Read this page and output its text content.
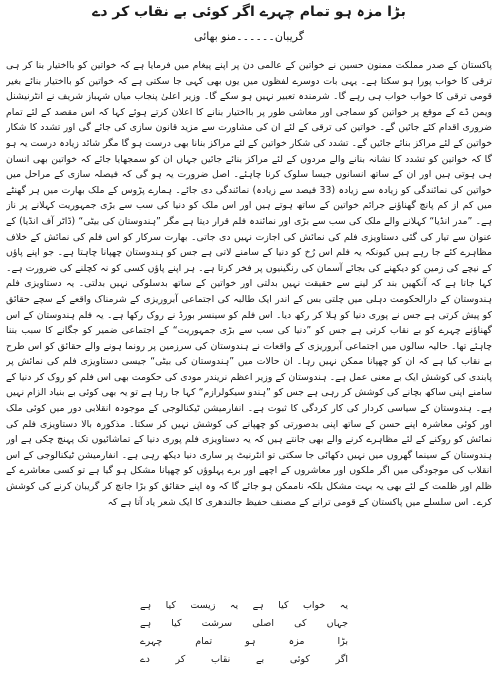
بڑا مزہ ہو تمام چہرے اگر کوئی بے نقاب کر دے
گریبان۔۔۔۔۔۔منو بھائی

پاکستان کے صدر مملکت ممنون حسین نے خواتین کے عالمی دن پر اپنے پیغام میں فرمایا ہے کہ خواتین کو بااختیار بنا کر ہی ترقی کا خواب پورا ہو سکتا ہے۔ یہی بات دوسرے لفظوں میں یوں بھی کہی جا سکتی ہے کہ خواتین کو بااختیار بنائے بغیر قومی ترقی کا خواب خواب ہی رہے گا۔ شرمندہ تعبیر نہیں ہو سکے گا۔ وزیر اعلیٰ پنجاب میاں شہباز شریف نے انٹرنیشنل ویمن ڈے کے موقع پر خواتین کو سماجی اور معاشی طور پر بااختیار بنانے کا اعلان کرتے ہوئے کہا کہ اس مقصد کے لئے تمام ضروری اقدام کئے جائیں گے۔ خواتین کی ترقی کے لئے ان کی مشاورت سے مزید قانون سازی کی جائے گی اور تشدد کا شکار خواتین کے لئے مراکز بنائے جائیں گے۔ تشدد کی شکار خواتین کے لئے مراکز بنانا بھی درست ہو گا مگر شائد زیادہ درست یہ ہو گا کہ خواتین کو تشدد کا نشانہ بنانے والے مردوں کے لئے مراکز بنائے جائیں جہاں ان کو سمجھایا جائے کہ خواتین بھی انسان ہی ہوتی ہیں اور ان کے ساتھ انسانوں جیسا سلوک کرنا چاہئے۔ اصل ضرورت یہ ہو گی کہ فیصلہ سازی کے مراحل میں خواتین کی نمائندگی کو زیادہ سے زیادہ (33 فیصد سے زیادہ) نمائندگی دی جائے۔ ہمارے پڑوس کے ملک بھارت میں ہر گھنٹے میں کم از کم پانچ گھناؤنے جرائم خواتین کے ساتھ ہوتے ہیں اور اس ملک کو دنیا کی سب سے بڑی جمہوریت کہلانے پر ناز ہے۔ ”مدر انڈیا“ کہلانے والے ملک کی سب سے بڑی اور نمائندہ فلم قرار دیتا ہے مگر ”ہندوستان کی بیٹی“ (ڈاٹر آف انڈیا) کے عنوان سے تیار کی گئی دستاویزی فلم کی نمائش کی اجازت نہیں دی جاتی۔ بھارت سرکار کو اس فلم کی نمائش کے خلاف مظاہرے کئے جا رہے ہیں کیونکہ یہ فلم اس رُخ کو دنیا کے سامنے لاتی ہے جس کو ہندوستان چھپانا چاہتا ہے۔ جو اپنے پاؤں کے نیچے کی زمین کو دیکھنے کی بجائے آسمان کی رنگینیوں پر فخر کرتا ہے۔ ہر اپنے پاؤں کسی کو نہ کچلنے کی ضرورت ہے۔ کہا جاتا ہے کہ آنکھیں بند کر لینے سے حقیقت نہیں بدلتی اور خواتین کے ساتھ بدسلوکی نہیں بدلتی۔ یہ دستاویزی فلم ہندوستان کے دارالحکومت دہلی میں چلتی بس کے اندر ایک طالبہ کی اجتماعی آبروریزی کے شرمناک واقعے کے سچے حقائق کو پیش کرتی ہے جس نے پوری دنیا کو ہلا کر رکھ دیا۔ اس فلم کو سینسر بورڈ نے روک رکھا ہے۔ یہ فلم ہندوستان کے اس گھناؤنے چہرے کو بے نقاب کرتی ہے جس کو ”دنیا کی سب سے بڑی جمہوریت“ کے اجتماعی ضمیر کو جگانے کا سبب بننا چاہئے تھا۔ حالیہ سالوں میں اجتماعی آبروریزی کے واقعات نے ہندوستان کی سرزمین پر رونما ہونے والے حقائق کو اس طرح بے نقاب کیا ہے کہ ان کو چھپانا ممکن نہیں رہا۔ ان حالات میں ”ہندوستان کی بیٹی“ جیسی دستاویزی فلم کی نمائش پر پابندی کی کوشش ایک بے معنی عمل ہے۔ ہندوستان کے وزیر اعظم نریندر مودی کی حکومت بھی اس فلم کو روک کر دنیا کے سامنے اپنی ساکھ بچانے کی کوشش کر رہی ہے جس کو ”ہندو سیکولرازم“ کہا جا رہا ہے تو یہ بھی کوئی بے بنیاد الزام نہیں ہے۔ ہندوستان کے سیاسی کردار کی کار کردگی کا ثبوت ہے۔ انفارمیشن ٹیکنالوجی کے موجودہ انقلابی دور میں کوئی ملک اور کوئی معاشرہ اپنے حسن کے ساتھ اپنی بدصورتی کو چھپانے کی کوشش نہیں کر سکتا۔ مذکورہ بالا دستاویزی فلم کی نمائش کو روکنے کے لئے مظاہرے کرنے والے بھی جانتے ہیں کہ یہ دستاویزی فلم پوری دنیا کے تماشائیوں تک پہنچ چکی ہے اور ہندوستان کے سینما گھروں میں نہیں دکھائی جا سکتی تو انٹرنیٹ پر ساری دنیا دیکھ رہی ہے۔ انفارمیشن ٹیکنالوجی کے اس انقلاب کی موجودگی میں اگر ملکوں اور معاشروں کے اچھے اور برے پہلوؤں کو چھپانا مشکل ہو گیا ہے تو کسی معاشرے کے ظلم اور ظلمت کے لئے بھی یہ بہت مشکل بلکہ ناممکن ہو جائے گا کہ وہ اپنے حقائق کو بڑا جانچ کر گریبان کرنے کی کوشش کرے۔ اس سلسلے میں پاکستان کے قومی ترانے کے مصنف حفیظ جالندھری کا ایک شعر یاد آتا ہے کہ

یہ خواب کیا ہے یہ زیست کیا ہے
جہاں کی اصلی سرشت کیا ہے
بڑا مزہ ہو تمام چہرے
اگر کوئی بے نقاب کر دے
